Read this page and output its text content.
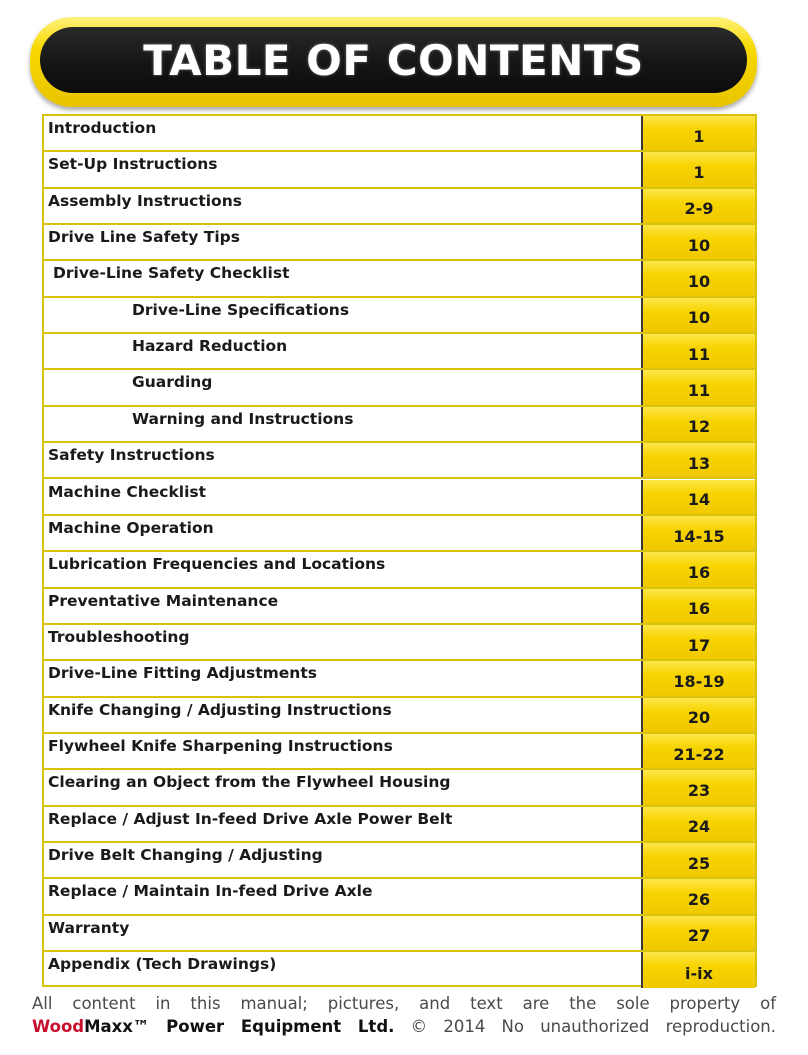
TABLE OF CONTENTS
Introduction	1
Set-Up Instructions	1
Assembly Instructions	2-9
Drive Line Safety Tips	10
Drive-Line Safety Checklist	10
Drive-Line Specifications	10
Hazard Reduction	11
Guarding	11
Warning and Instructions	12
Safety Instructions	13
Machine Checklist	14
Machine Operation	14-15
Lubrication Frequencies and Locations	16
Preventative Maintenance	16
Troubleshooting	17
Drive-Line Fitting Adjustments	18-19
Knife Changing / Adjusting Instructions	20
Flywheel Knife Sharpening Instructions	21-22
Clearing an Object from the Flywheel Housing	23
Replace / Adjust In-feed Drive Axle Power Belt	24
Drive Belt Changing / Adjusting	25
Replace / Maintain In-feed Drive Axle	26
Warranty	27
Appendix (Tech Drawings)	i-ix
All content in this manual; pictures, and text are the sole property of
WoodMaxx™ Power Equipment Ltd. © 2014 No unauthorized reproduction.
